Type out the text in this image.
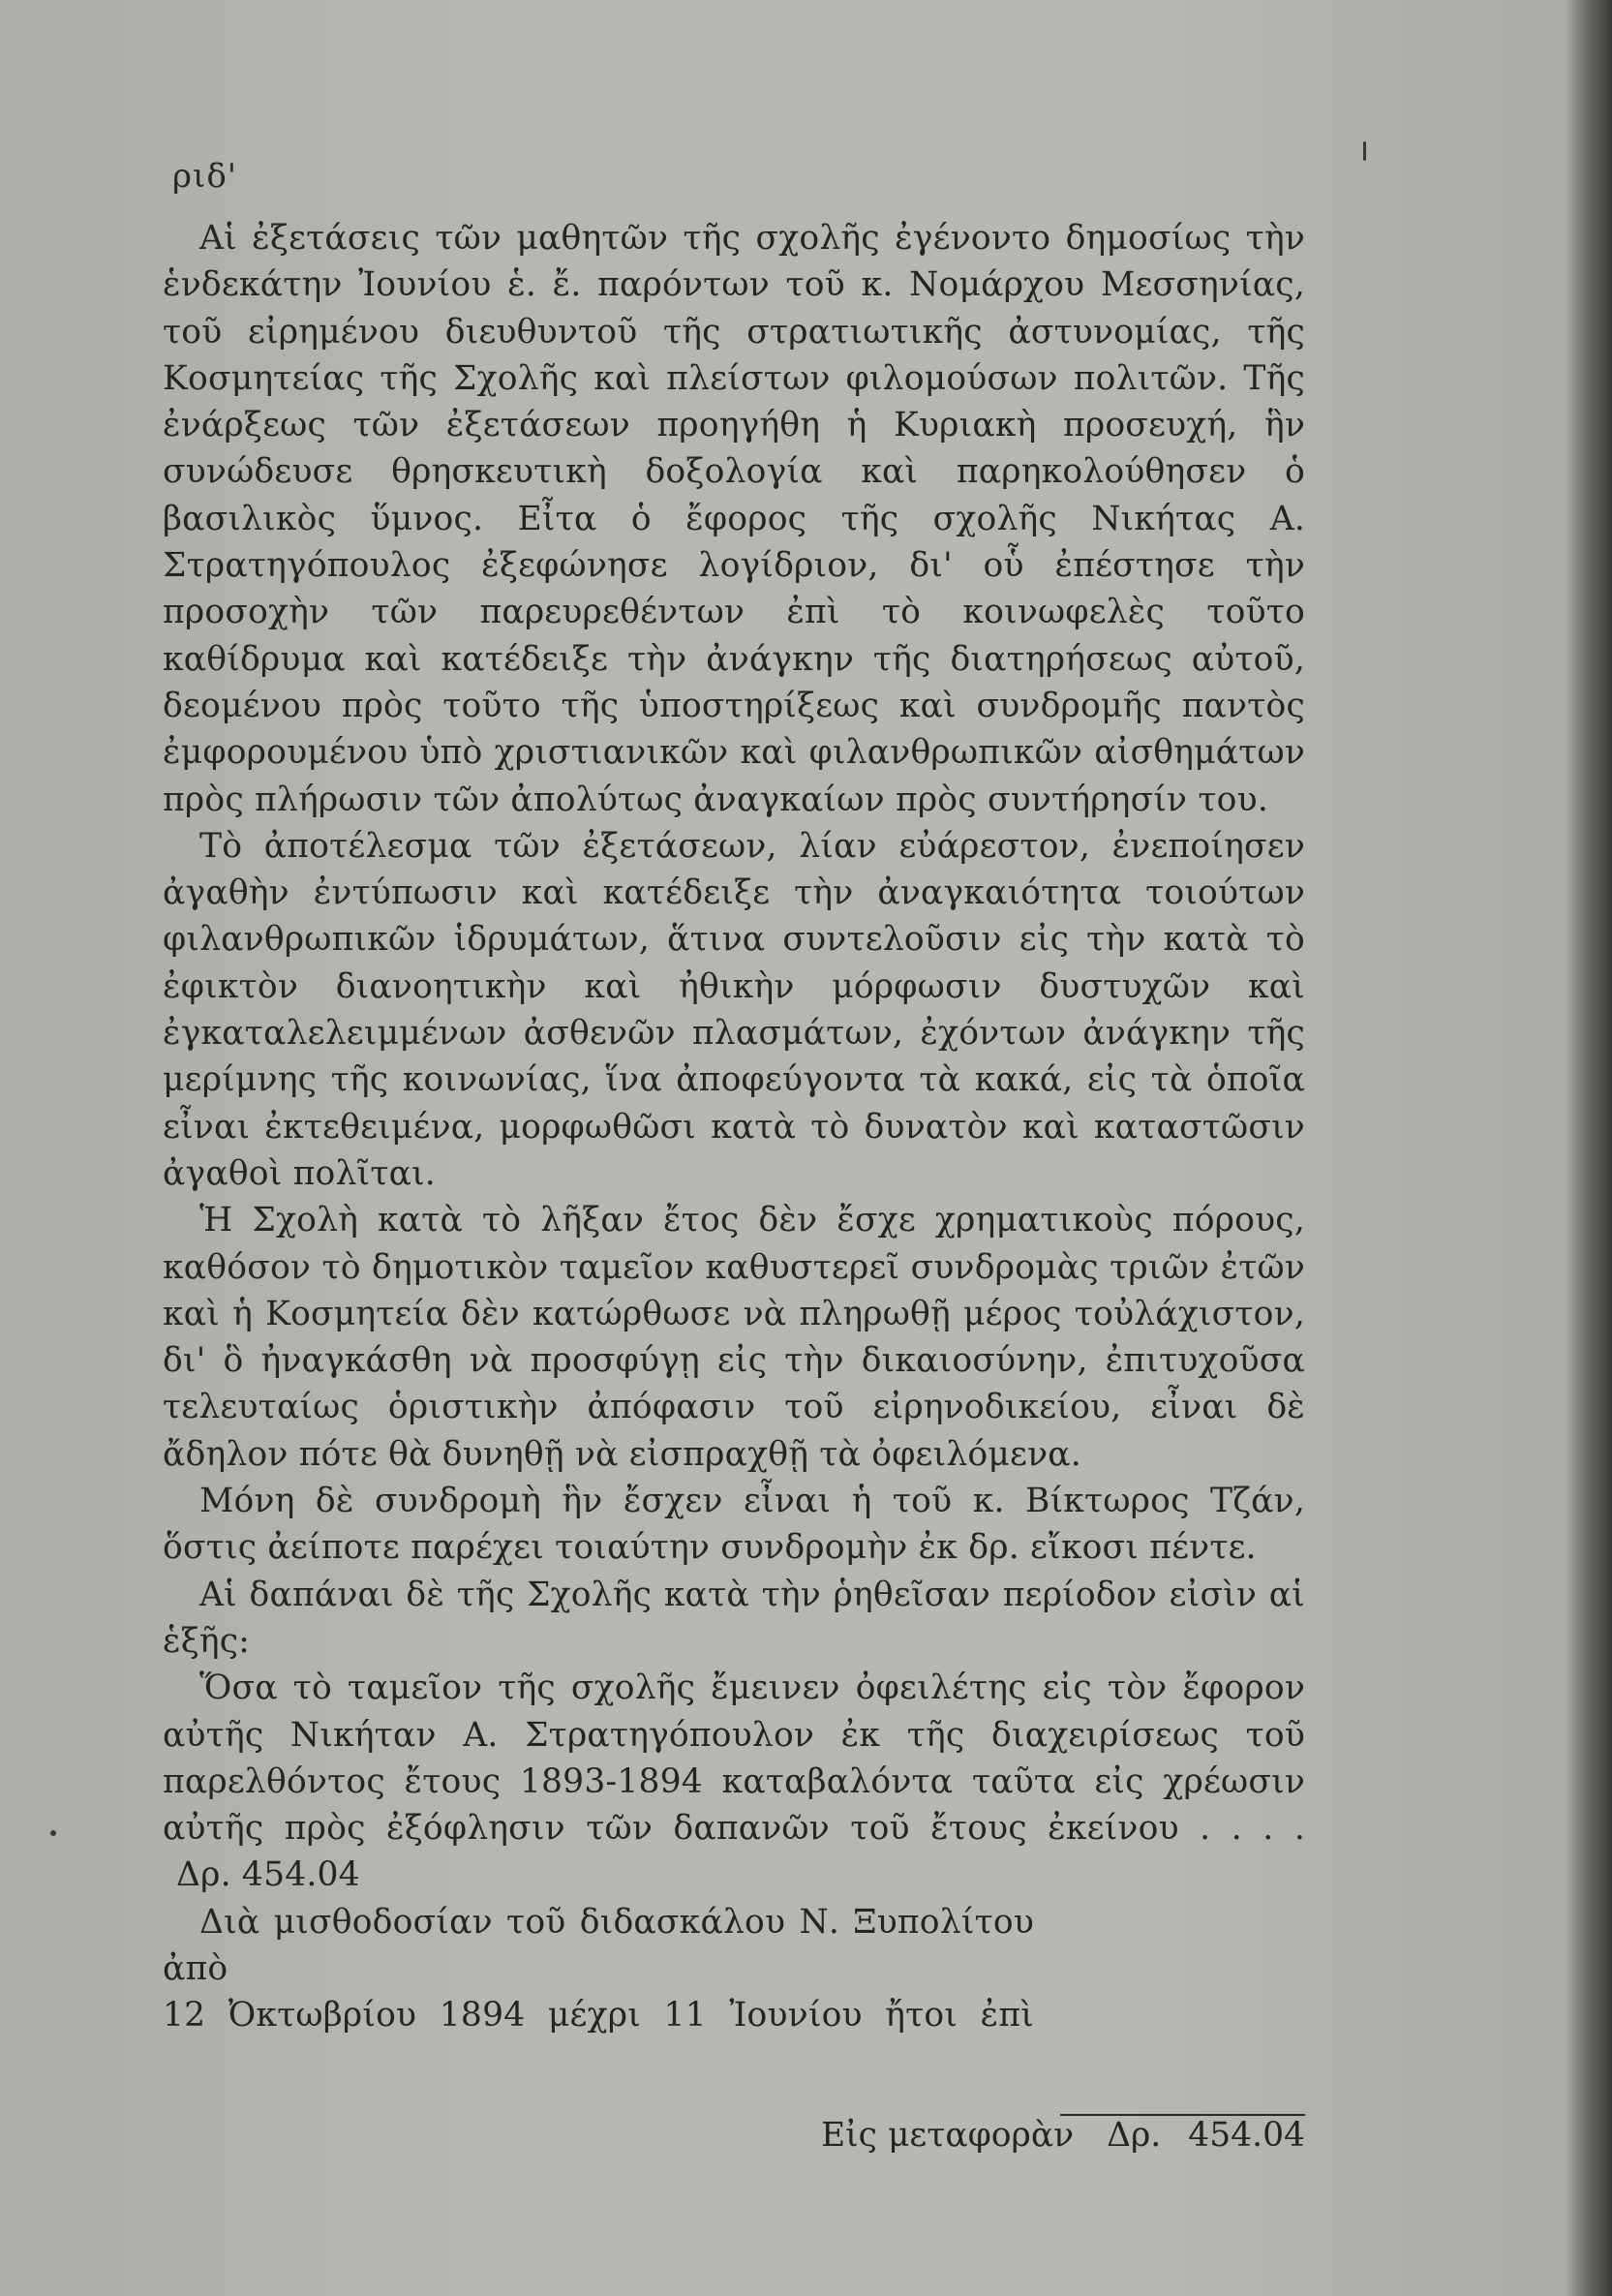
ριδ'

Αἱ ἐξετάσεις τῶν μαθητῶν τῆς σχολῆς ἐγένοντο δημοσίως τὴν ἑνδεκάτην Ἰουνίου ἑ. ἔ. παρόντων τοῦ κ. Νομάρχου Μεσσηνίας, τοῦ εἰρημένου διευθυντοῦ τῆς στρατιωτικῆς ἀστυνομίας, τῆς Κοσμητείας τῆς Σχολῆς καὶ πλείστων φιλομούσων πολιτῶν. Τῆς ἐνάρξεως τῶν ἐξετάσεων προηγήθη ἡ Κυριακὴ προσευχή, ἣν συνώδευσε θρησκευτικὴ δοξολογία καὶ παρηκολούθησεν ὁ βασιλικὸς ὕμνος. Εἶτα ὁ ἔφορος τῆς σχολῆς Νικήτας Α. Στρατηγόπουλος ἐξεφώνησε λογίδριον, δι' οὗ ἐπέστησε τὴν προσοχὴν τῶν παρευρεθέντων ἐπὶ τὸ κοινωφελὲς τοῦτο καθίδρυμα καὶ κατέδειξε τὴν ἀνάγκην τῆς διατηρήσεως αὐτοῦ, δεομένου πρὸς τοῦτο τῆς ὑποστηρίξεως καὶ συνδρομῆς παντὸς ἐμφορουμένου ὑπὸ χριστιανικῶν καὶ φιλανθρωπικῶν αἰσθημάτων πρὸς πλήρωσιν τῶν ἀπολύτως ἀναγκαίων πρὸς συντήρησίν του.

Τὸ ἀποτέλεσμα τῶν ἐξετάσεων, λίαν εὐάρεστον, ἐνεποίησεν ἀγαθὴν ἐντύπωσιν καὶ κατέδειξε τὴν ἀναγκαιότητα τοιούτων φιλανθρωπικῶν ἱδρυμάτων, ἅτινα συντελοῦσιν εἰς τὴν κατὰ τὸ ἐφικτὸν διανοητικὴν καὶ ἠθικὴν μόρφωσιν δυστυχῶν καὶ ἐγκαταλελειμμένων ἀσθενῶν πλασμάτων, ἐχόντων ἀνάγκην τῆς μερίμνης τῆς κοινωνίας, ἵνα ἀποφεύγοντα τὰ κακά, εἰς τὰ ὁποῖα εἶναι ἐκτεθειμένα, μορφωθῶσι κατὰ τὸ δυνατὸν καὶ καταστῶσιν ἀγαθοὶ πολῖται.

Ἡ Σχολὴ κατὰ τὸ λῆξαν ἔτος δὲν ἔσχε χρηματικοὺς πόρους, καθόσον τὸ δημοτικὸν ταμεῖον καθυστερεῖ συνδρομὰς τριῶν ἐτῶν καὶ ἡ Κοσμητεία δὲν κατώρθωσε νὰ πληρωθῇ μέρος τοὐλάχιστον, δι' ὃ ἠναγκάσθη νὰ προσφύγῃ εἰς τὴν δικαιοσύνην, ἐπιτυχοῦσα τελευταίως ὁριστικὴν ἀπόφασιν τοῦ εἰρηνοδικείου, εἶναι δὲ ἄδηλον πότε θὰ δυνηθῇ νὰ εἰσπραχθῇ τὰ ὀφειλόμενα.

Μόνη δὲ συνδρομὴ ἣν ἔσχεν εἶναι ἡ τοῦ κ. Βίκτωρος Τζάν, ὅστις ἀείποτε παρέχει τοιαύτην συνδρομὴν ἐκ δρ. εἴκοσι πέντε.

Αἱ δαπάναι δὲ τῆς Σχολῆς κατὰ τὴν ῥηθεῖσαν περίοδον εἰσὶν αἱ ἑξῆς:

Ὅσα τὸ ταμεῖον τῆς σχολῆς ἔμεινεν ὀφειλέτης εἰς τὸν ἔφορον αὐτῆς Νικήταν Α. Στρατηγόπουλον ἐκ τῆς διαχειρίσεως τοῦ παρελθόντος ἔτους 1893-1894 καταβαλόντα ταῦτα εἰς χρέωσιν αὐτῆς πρὸς ἐξόφλησιν τῶν δαπανῶν τοῦ ἔτους ἐκείνου . . . . Δρ. 454.04

Διὰ μισθοδοσίαν τοῦ διδασκάλου Ν. Ξυπολίτου ἀπὸ

12 Ὀκτωβρίου 1894 μέχρι 11 Ἰουνίου ἤτοι ἐπὶ

Εἰς μεταφορὰν Δρ. 454.04
